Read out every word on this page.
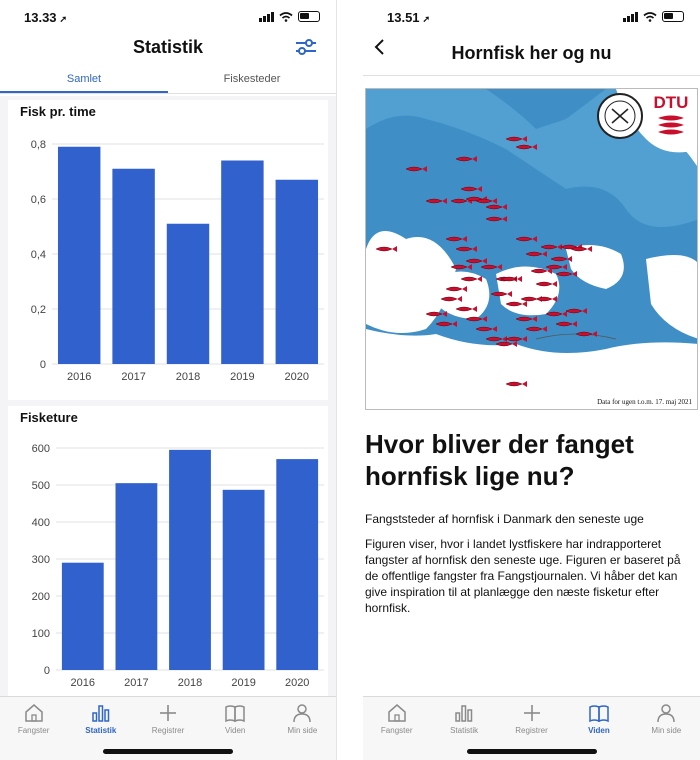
13.33 ➚
Statistik
Samlet	Fiskesteder
Fisk pr. time
0
0,2
0,4
0,6
0,8
2016	2017	2018	2019	2020
Fisketure
0
100
200
300
400
500
600
2016	2017	2018	2019	2020
Fangster	Statistik	Registrer	Viden	Min side
13.51 ➚
Hornfisk her og nu
DTU
Data for ugen t.o.m. 17. maj 2021
Hvor bliver der fanget hornfisk lige nu?
Fangststeder af hornfisk i Danmark den seneste uge
Figuren viser, hvor i landet lystfiskere har indrapporteret fangster af hornfisk den seneste uge. Figuren er baseret på de offentlige fangster fra Fangstjournalen. Vi håber det kan give inspiration til at planlægge den næste fisketur efter hornfisk.
Fangster	Statistik	Registrer	Viden	Min side
